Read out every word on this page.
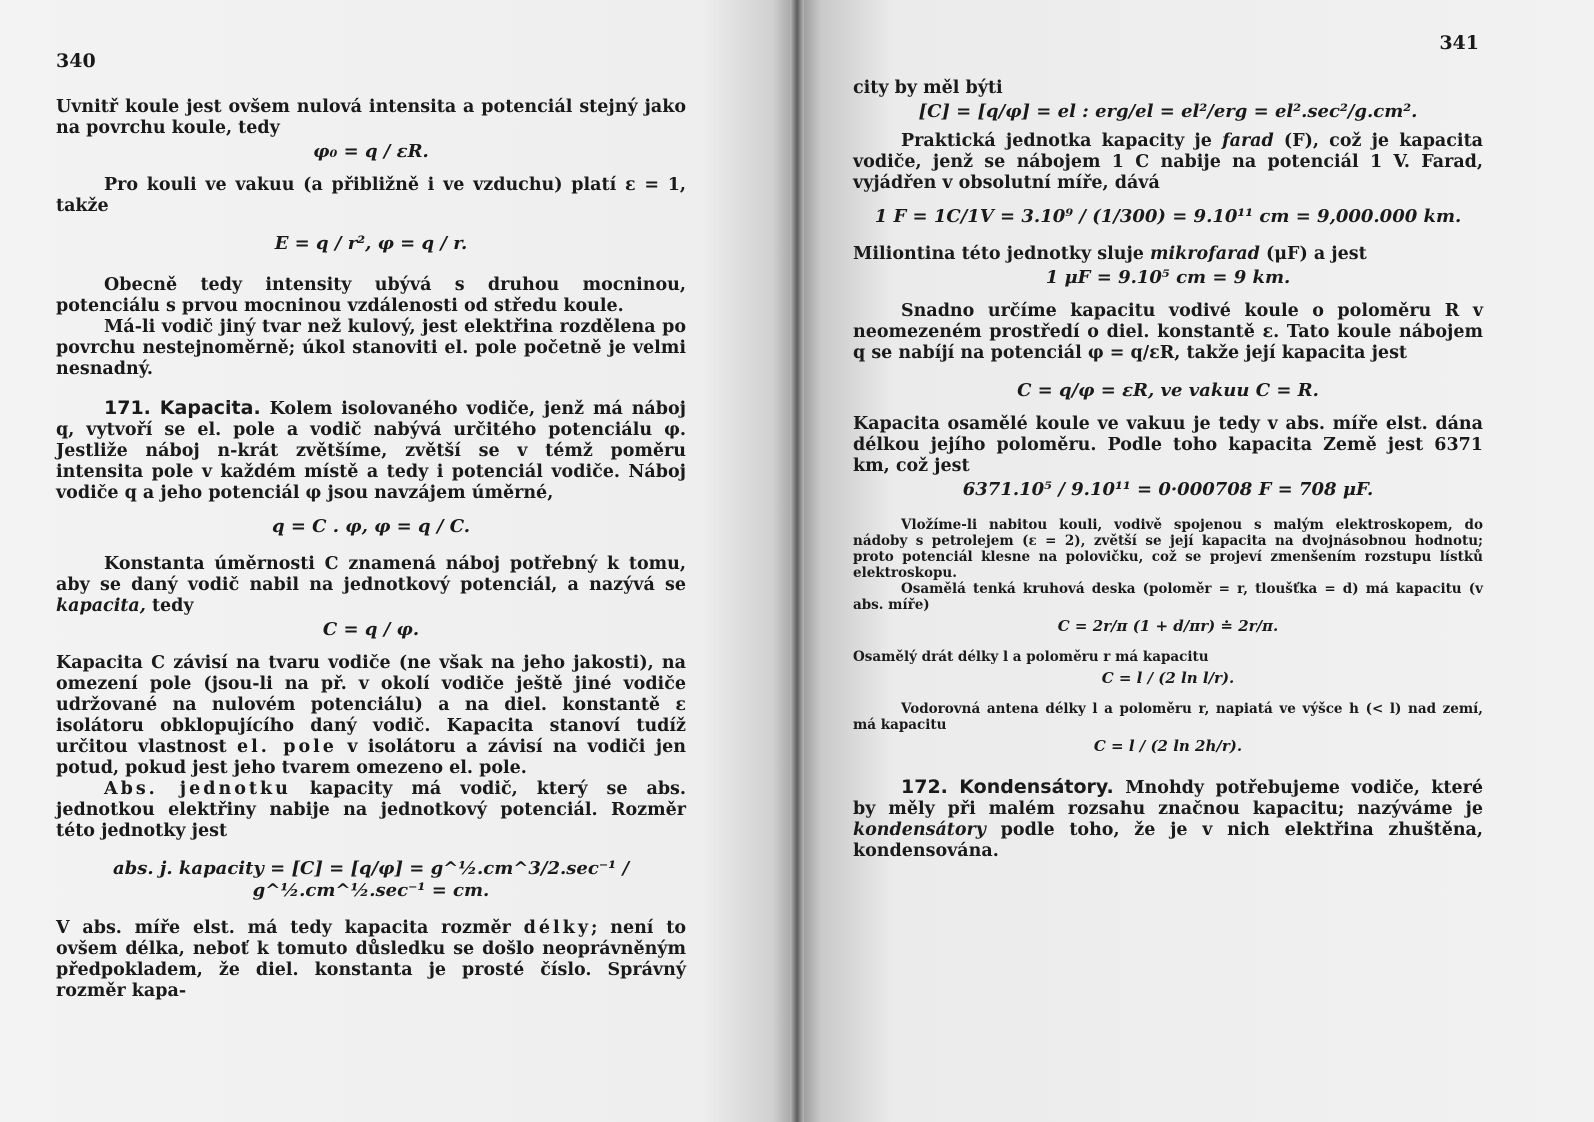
340

Uvnitř koule jest ovšem nulová intensita a potenciál stejný jako na povrchu koule, tedy

φ₀ = q / εR.

Pro kouli ve vakuu (a přibližně i ve vzduchu) platí ε = 1, takže

E = q / r², φ = q / r.

Obecně tedy intensity ubývá s druhou mocninou, potenciálu s prvou mocninou vzdálenosti od středu koule.

Má-li vodič jiný tvar než kulový, jest elektřina rozdělena po povrchu nestejnoměrně; úkol stanoviti el. pole početně je velmi nesnadný.

171. Kapacita. Kolem isolovaného vodiče, jenž má náboj q, vytvoří se el. pole a vodič nabývá určitého potenciálu φ. Jestliže náboj n-krát zvětšíme, zvětší se v témž poměru intensita pole v každém místě a tedy i potenciál vodiče. Náboj vodiče q a jeho potenciál φ jsou navzájem úměrné,

q = C . φ, φ = q / C.

Konstanta úměrnosti C znamená náboj potřebný k tomu, aby se daný vodič nabil na jednotkový potenciál, a nazývá se kapacita, tedy

C = q / φ.

Kapacita C závisí na tvaru vodiče (ne však na jeho jakosti), na omezení pole (jsou-li na př. v okolí vodiče ještě jiné vodiče udržované na nulovém potenciálu) a na diel. konstantě ε isolátoru obklopujícího daný vodič. Kapacita stanoví tudíž určitou vlastnost el. pole v isolátoru a závisí na vodiči jen potud, pokud jest jeho tvarem omezeno el. pole.

Abs. jednotku kapacity má vodič, který se abs. jednotkou elektřiny nabije na jednotkový potenciál. Rozměr této jednotky jest

abs. j. kapacity = [C] = [q/φ] = g^½.cm^3/2.sec⁻¹ / g^½.cm^½.sec⁻¹ = cm.

V abs. míře elst. má tedy kapacita rozměr délky; není to ovšem délka, neboť k tomuto důsledku se došlo neoprávněným předpokladem, že diel. konstanta je prosté číslo. Správný rozměr kapa-

341

city by měl býti

[C] = [q/φ] = el : erg/el = el²/erg = el².sec²/g.cm².

Praktická jednotka kapacity je farad (F), což je kapacita vodiče, jenž se nábojem 1 C nabije na potenciál 1 V. Farad, vyjádřen v obsolutní míře, dává

1 F = 1C/1V = 3.10⁹ / (1/300) = 9.10¹¹ cm = 9,000.000 km.

Miliontina této jednotky sluje mikrofarad (μF) a jest

1 μF = 9.10⁵ cm = 9 km.

Snadno určíme kapacitu vodivé koule o poloměru R v neomezeném prostředí o diel. konstantě ε. Tato koule nábojem q se nabíjí na potenciál φ = q/εR, takže její kapacita jest

C = q/φ = εR, ve vakuu C = R.

Kapacita osamělé koule ve vakuu je tedy v abs. míře elst. dána délkou jejího poloměru. Podle toho kapacita Země jest 6371 km, což jest

6371.10⁵ / 9.10¹¹ = 0·000708 F = 708 μF.

Vložíme-li nabitou kouli, vodivě spojenou s malým elektroskopem, do nádoby s petrolejem (ε = 2), zvětší se její kapacita na dvojnásobnou hodnotu; proto potenciál klesne na polovičku, což se projeví zmenšením rozstupu lístků elektroskopu.

Osamělá tenká kruhová deska (poloměr = r, tloušťka = d) má kapacitu (v abs. míře)

C = 2r/π (1 + d/πr) ≐ 2r/π.

Osamělý drát délky l a poloměru r má kapacitu

C = l / (2 ln l/r).

Vodorovná antena délky l a poloměru r, napiatá ve výšce h (< l) nad zemí, má kapacitu

C = l / (2 ln 2h/r).

172. Kondensátory. Mnohdy potřebujeme vodiče, které by měly při malém rozsahu značnou kapacitu; nazýváme je kondensátory podle toho, že je v nich elektřina zhuštěna, kondensována.
